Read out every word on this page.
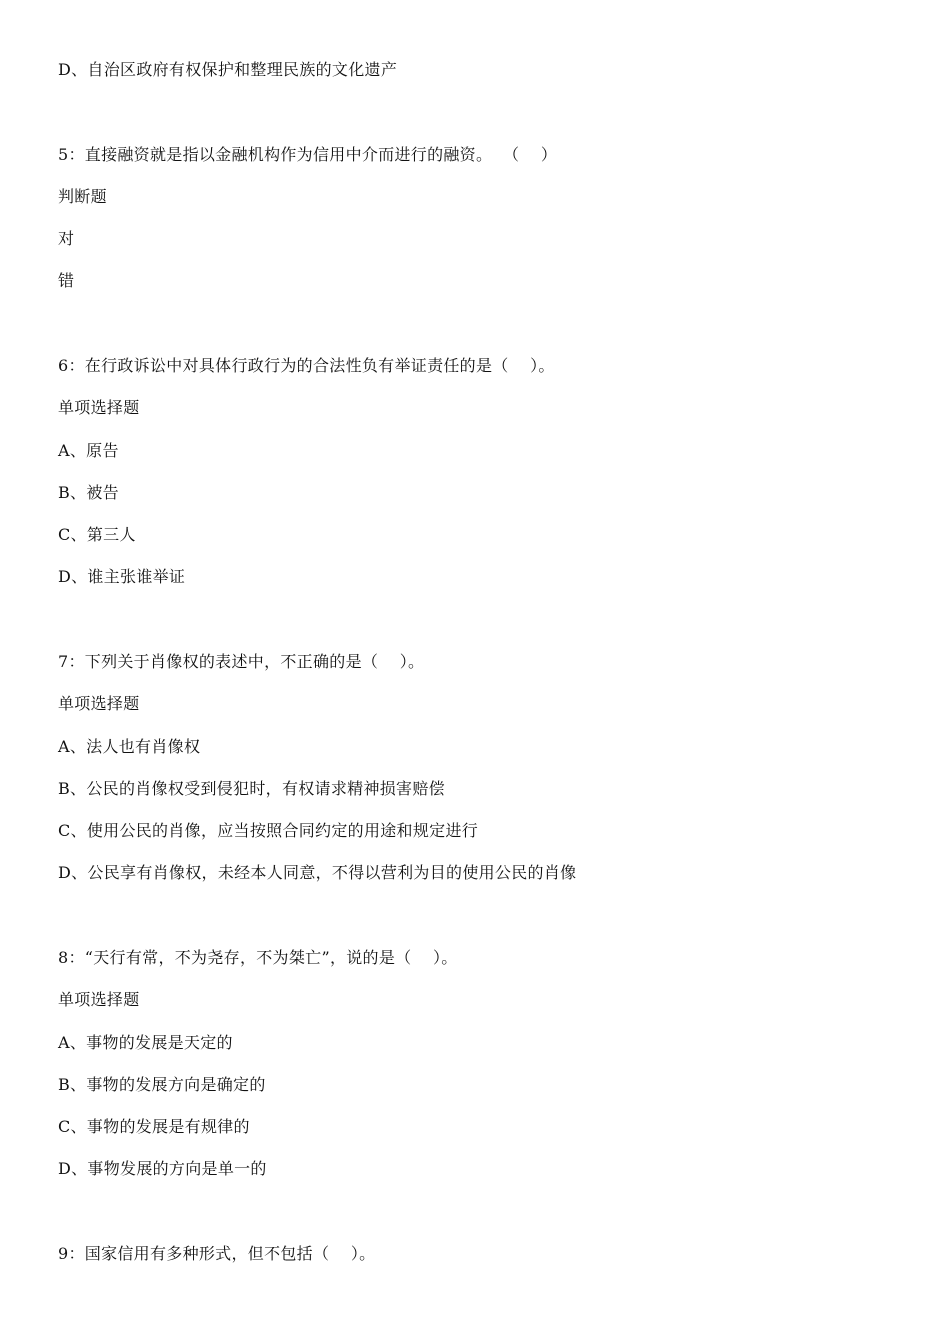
D、自治区政府有权保护和整理民族的文化遗产
5：直接融资就是指以金融机构作为信用中介而进行的融资。  （    ）
判断题
对
错
6：在行政诉讼中对具体行政行为的合法性负有举证责任的是（    ）。
单项选择题
A、原告
B、被告
C、第三人
D、谁主张谁举证
7：下列关于肖像权的表述中，不正确的是（    ）。
单项选择题
A、法人也有肖像权
B、公民的肖像权受到侵犯时，有权请求精神损害赔偿
C、使用公民的肖像，应当按照合同约定的用途和规定进行
D、公民享有肖像权，未经本人同意，不得以营利为目的使用公民的肖像
8：“天行有常，不为尧存，不为桀亡”，说的是（    ）。
单项选择题
A、事物的发展是天定的
B、事物的发展方向是确定的
C、事物的发展是有规律的
D、事物发展的方向是单一的
9：国家信用有多种形式，但不包括（    ）。
